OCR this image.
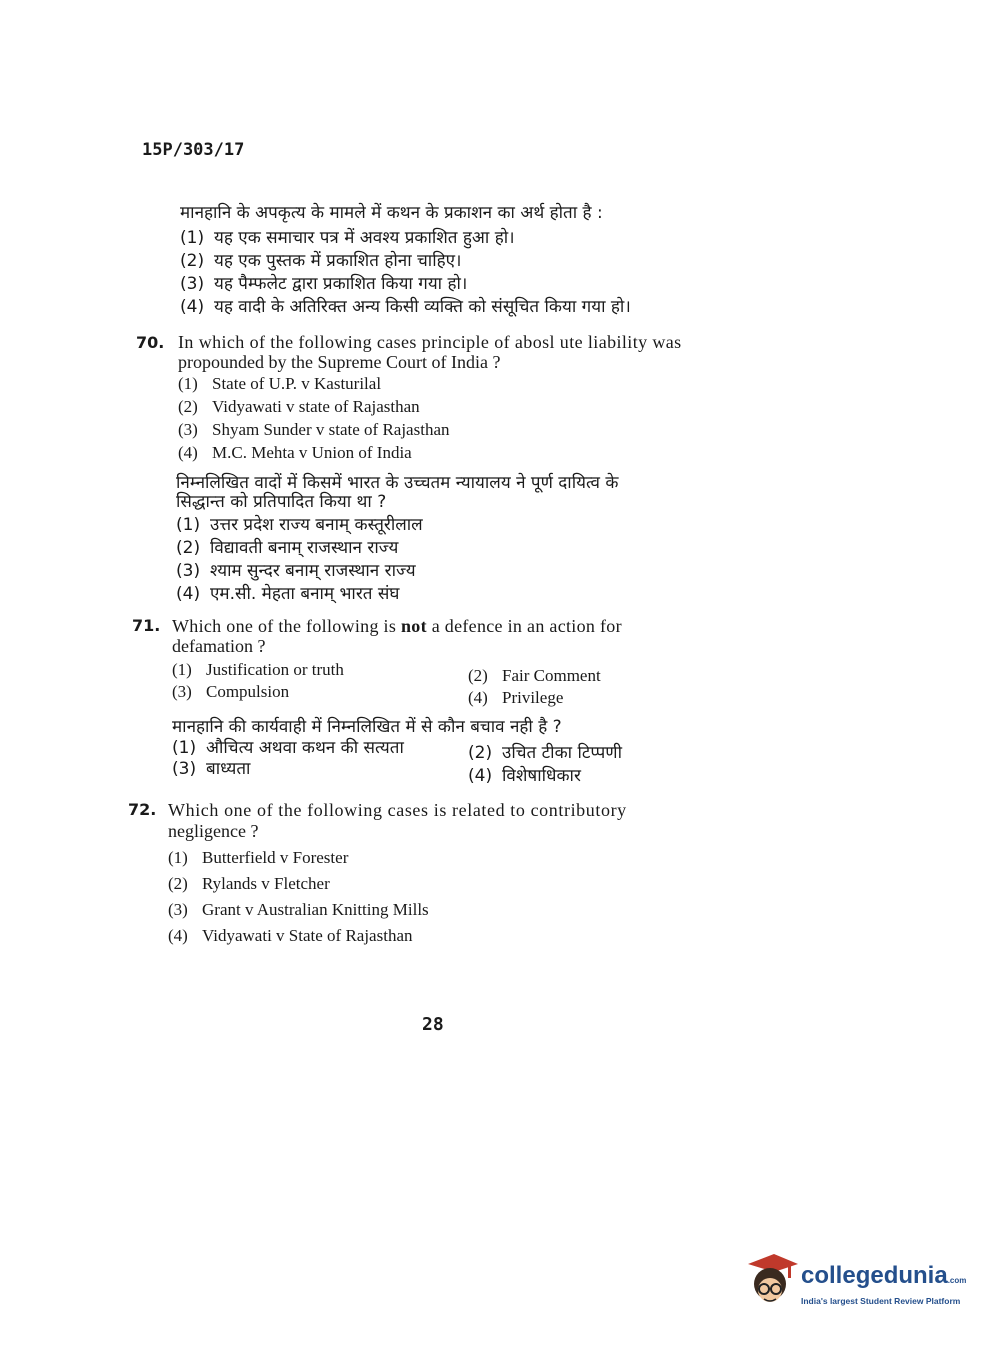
15P/303/17
मानहानि के अपकृत्य के मामले में कथन के प्रकाशन का अर्थ होता है :
(1) यह एक समाचार पत्र में अवश्य प्रकाशित हुआ हो।
(2) यह एक पुस्तक में प्रकाशित होना चाहिए।
(3) यह पैम्फलेट द्वारा प्रकाशित किया गया हो।
(4) यह वादी के अतिरिक्त अन्य किसी व्यक्ति को संसूचित किया गया हो।
70. In which of the following cases principle of abosl ute liability was
propounded by the Supreme Court of India ?
(1) State of U.P. v Kasturilal
(2) Vidyawati v state of Rajasthan
(3) Shyam Sunder v state of Rajasthan
(4) M.C. Mehta v Union of India
निम्नलिखित वादों में किसमें भारत के उच्चतम न्यायालय ने पूर्ण दायित्व के
सिद्धान्त को प्रतिपादित किया था ?
(1) उत्तर प्रदेश राज्य बनाम् कस्तूरीलाल
(2) विद्यावती बनाम् राजस्थान राज्य
(3) श्याम सुन्दर बनाम् राजस्थान राज्य
(4) एम.सी. मेहता बनाम् भारत संघ
71. Which one of the following is not a defence in an action for
defamation ?
(1) Justification or truth	(2) Fair Comment
(3) Compulsion	(4) Privilege
मानहानि की कार्यवाही में निम्नलिखित में से कौन बचाव नही है ?
(1) औचित्य अथवा कथन की सत्यता	(2) उचित टीका टिप्पणी
(3) बाध्यता	(4) विशेषाधिकार
72. Which one of the following cases is related to contributory
negligence ?
(1) Butterfield v Forester
(2) Rylands v Fletcher
(3) Grant v Australian Knitting Mills
(4) Vidyawati v State of Rajasthan
28
collegedunia.com
India's largest Student Review Platform
